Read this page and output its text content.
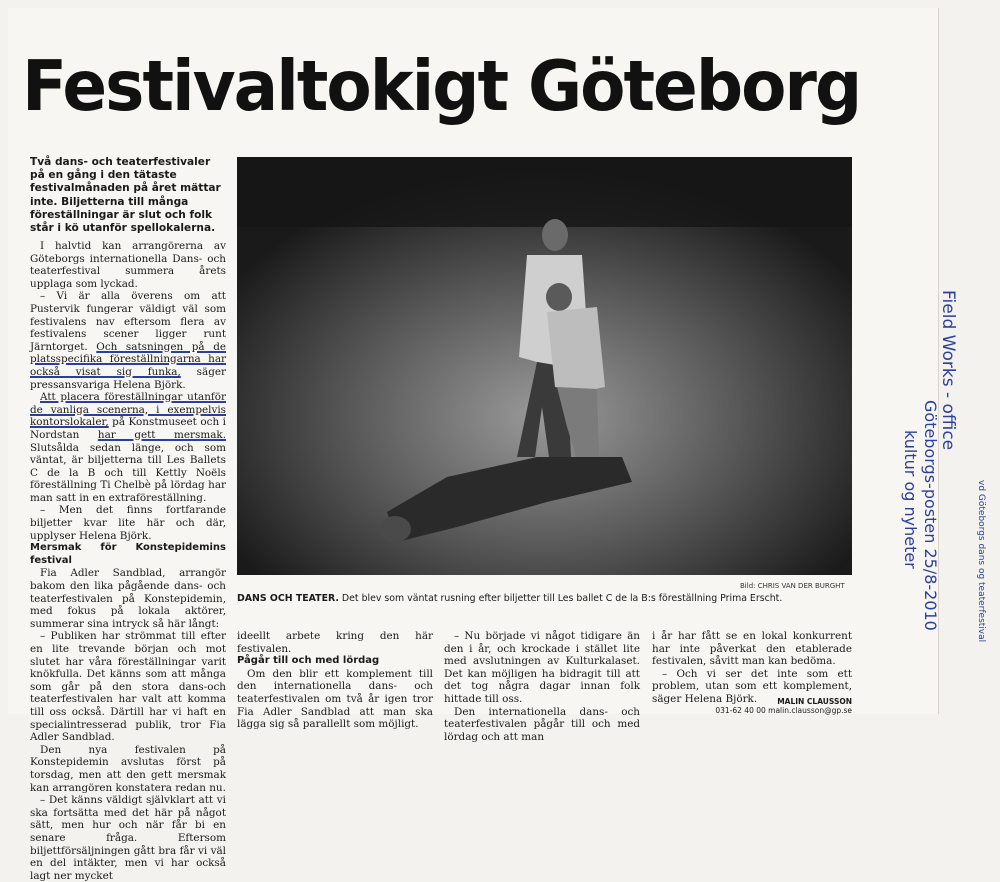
Festivaltokigt Göteborg
Två dans- och teaterfestivaler på en gång i den tätaste festivalmånaden på året mättar inte. Biljetterna till många föreställningar är slut och folk står i kö utanför spellokalerna.

I halvtid kan arrangörerna av Göteborgs internationella Dans- och teaterfestival summera årets upplaga som lyckad.

– Vi är alla överens om att Pustervik fungerar väldigt väl som festivalens nav eftersom flera av festivalens scener ligger runt Järntorget. Och satsningen på de platsspecifika föreställningarna har också visat sig funka, säger pressansvariga Helena Björk.

Att placera föreställningar utanför de vanliga scenerna, i exempelvis kontorslokaler, på Konstmuseet och i Nordstan har gett mersmak. Slutsålda sedan länge, och som väntat, är biljetterna till Les Ballets C de la B och till Kettly Noëls föreställning Ti Chelbè på lördag har man satt in en extraföreställning.

– Men det finns fortfarande biljetter kvar lite här och där, upplyser Helena Björk.

Mersmak för Konstepidemins festival

Fia Adler Sandblad, arrangör bakom den lika pågående dans- och teaterfestivalen på Konstepidemin, med fokus på lokala aktörer, summerar sina intryck så här långt:

– Publiken har strömmat till efter en lite trevande början och mot slutet har våra föreställningar varit knökfulla. Det känns som att många som går på den stora dans-och teaterfestivalen har valt att komma till oss också. Därtill har vi haft en specialintresserad publik, tror Fia Adler Sandblad.

Den nya festivalen på Konstepidemin avslutas först på torsdag, men att den gett mersmak kan arrangören konstatera redan nu.

– Det känns väldigt självklart att vi ska fortsätta med det här på något sätt, men hur och när får bi en senare fråga. Eftersom biljettförsäljningen gått bra får vi väl en del intäkter, men vi har också lagt ner mycket

Bild: CHRIS VAN DER BURGHT
DANS OCH TEATER. Det blev som väntat rusning efter biljetter till Les ballet C de la B:s föreställning Prima Erscht.

ideellt arbete kring den här festivalen.

Pågår till och med lördag

Om den blir ett komplement till den internationella dans- och teaterfestivalen om två år igen tror Fia Adler Sandblad att man ska lägga sig så parallellt som möjligt.

– Nu började vi något tidigare än den i år, och krockade i stället lite med avslutningen av Kulturkalaset. Det kan möjligen ha bidragit till att det tog några dagar innan folk hittade till oss.

Den internationella dans- och teaterfestivalen pågår till och med lördag och att man

i år har fått se en lokal konkurrent har inte påverkat den etablerade festivalen, såvitt man kan bedöma.

– Och vi ser det inte som ett problem, utan som ett komplement, säger Helena Björk.	MALIN CLAUSSON
031-62 40 00 malin.clausson@gp.se
Field Works - office
Göteborgs-posten 25/8-2010
kultur og nyheter	vd Göteborgs dans og teaterfestival
